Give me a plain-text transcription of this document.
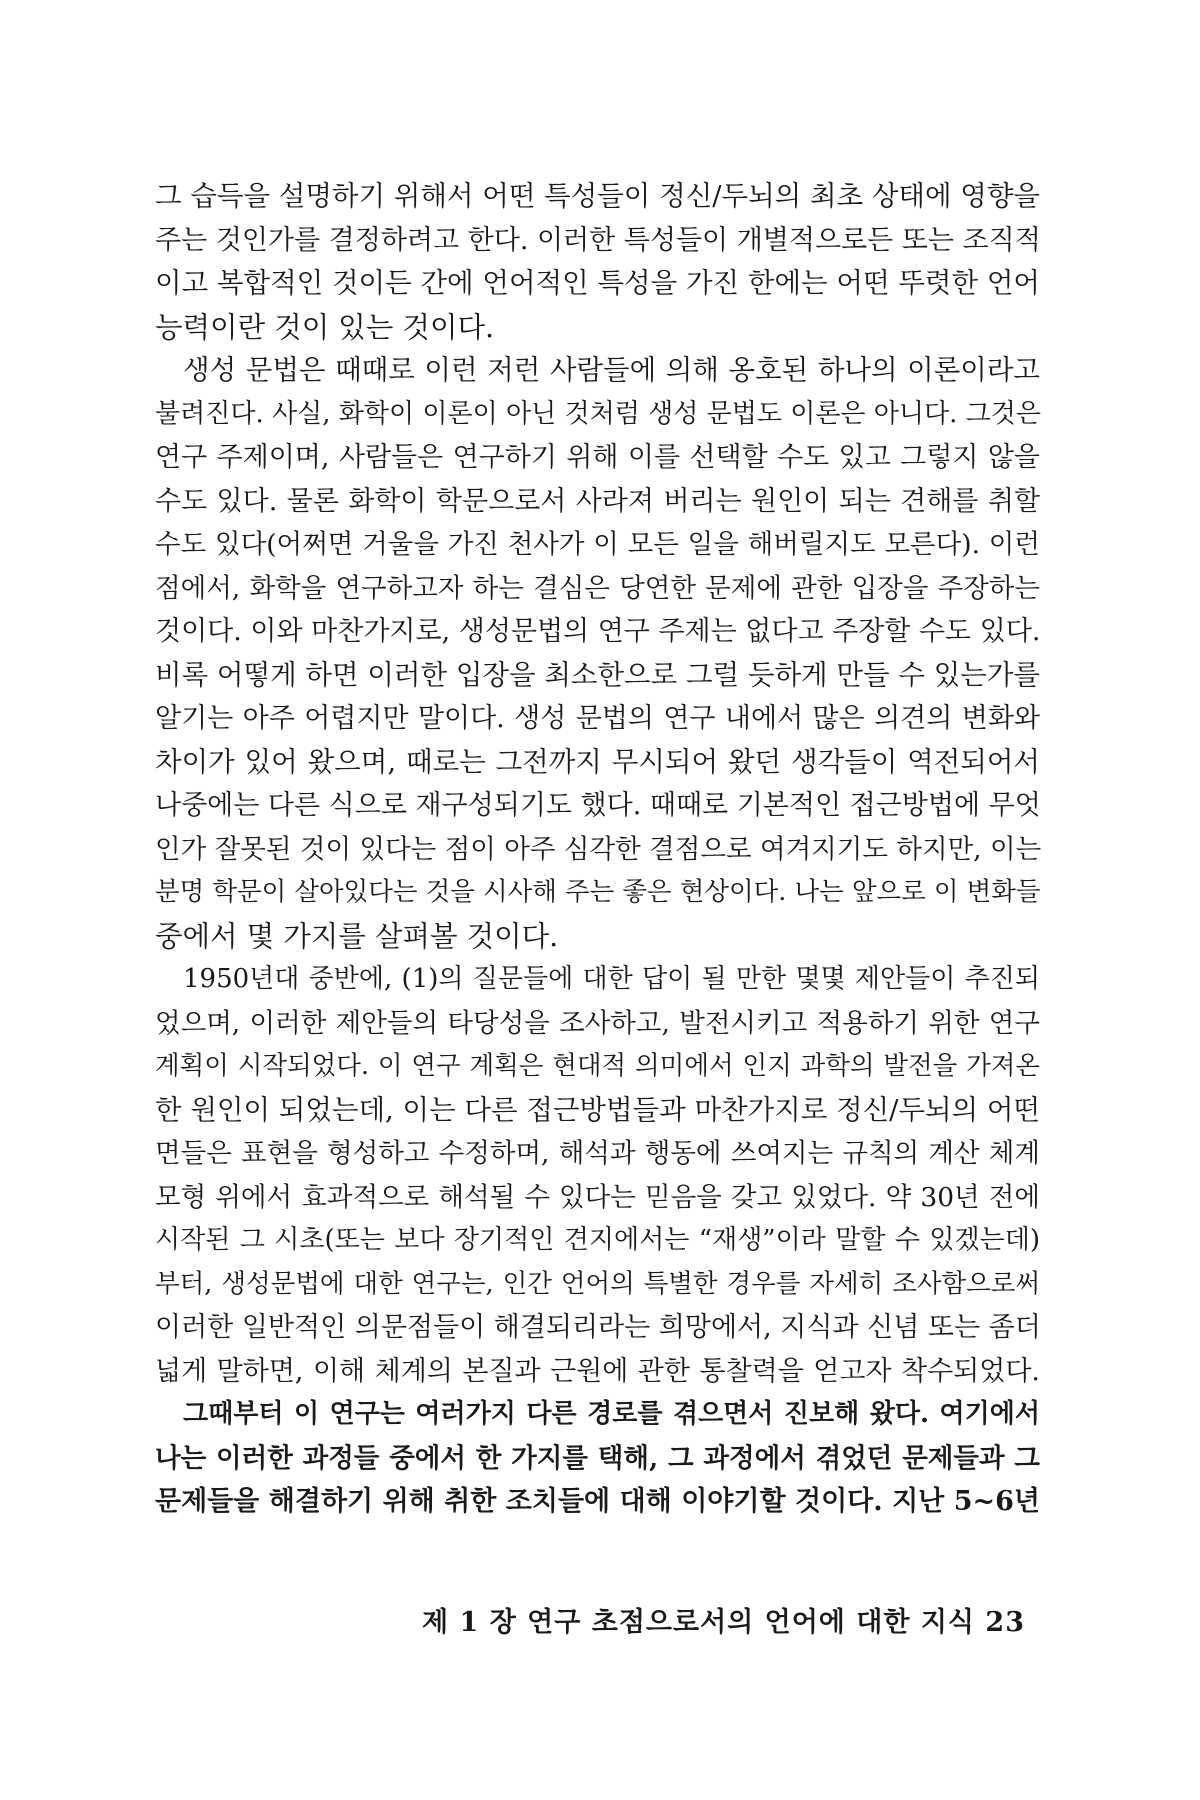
그 습득을 설명하기 위해서 어떤 특성들이 정신/두뇌의 최초 상태에 영향을
주는 것인가를 결정하려고 한다. 이러한 특성들이 개별적으로든 또는 조직적
이고 복합적인 것이든 간에 언어적인 특성을 가진 한에는 어떤 뚜렷한 언어
능력이란 것이 있는 것이다.
생성 문법은 때때로 이런 저런 사람들에 의해 옹호된 하나의 이론이라고
불려진다. 사실, 화학이 이론이 아닌 것처럼 생성 문법도 이론은 아니다. 그것은
연구 주제이며, 사람들은 연구하기 위해 이를 선택할 수도 있고 그렇지 않을
수도 있다. 물론 화학이 학문으로서 사라져 버리는 원인이 되는 견해를 취할
수도 있다(어쩌면 거울을 가진 천사가 이 모든 일을 해버릴지도 모른다). 이런
점에서, 화학을 연구하고자 하는 결심은 당연한 문제에 관한 입장을 주장하는
것이다. 이와 마찬가지로, 생성문법의 연구 주제는 없다고 주장할 수도 있다.
비록 어떻게 하면 이러한 입장을 최소한으로 그럴 듯하게 만들 수 있는가를
알기는 아주 어렵지만 말이다. 생성 문법의 연구 내에서 많은 의견의 변화와
차이가 있어 왔으며, 때로는 그전까지 무시되어 왔던 생각들이 역전되어서
나중에는 다른 식으로 재구성되기도 했다. 때때로 기본적인 접근방법에 무엇
인가 잘못된 것이 있다는 점이 아주 심각한 결점으로 여겨지기도 하지만, 이는
분명 학문이 살아있다는 것을 시사해 주는 좋은 현상이다. 나는 앞으로 이 변화들
중에서 몇 가지를 살펴볼 것이다.
1950년대 중반에, (1)의 질문들에 대한 답이 될 만한 몇몇 제안들이 추진되
었으며, 이러한 제안들의 타당성을 조사하고, 발전시키고 적용하기 위한 연구
계획이 시작되었다. 이 연구 계획은 현대적 의미에서 인지 과학의 발전을 가져온
한 원인이 되었는데, 이는 다른 접근방법들과 마찬가지로 정신/두뇌의 어떤
면들은 표현을 형성하고 수정하며, 해석과 행동에 쓰여지는 규칙의 계산 체계
모형 위에서 효과적으로 해석될 수 있다는 믿음을 갖고 있었다. 약 30년 전에
시작된 그 시초(또는 보다 장기적인 견지에서는 “재생”이라 말할 수 있겠는데)
부터, 생성문법에 대한 연구는, 인간 언어의 특별한 경우를 자세히 조사함으로써
이러한 일반적인 의문점들이 해결되리라는 희망에서, 지식과 신념 또는 좀더
넓게 말하면, 이해 체계의 본질과 근원에 관한 통찰력을 얻고자 착수되었다.
그때부터 이 연구는 여러가지 다른 경로를 겪으면서 진보해 왔다. 여기에서
나는 이러한 과정들 중에서 한 가지를 택해, 그 과정에서 겪었던 문제들과 그
문제들을 해결하기 위해 취한 조치들에 대해 이야기할 것이다. 지난 5~6년
제 1 장 연구 초점으로서의 언어에 대한 지식 23
